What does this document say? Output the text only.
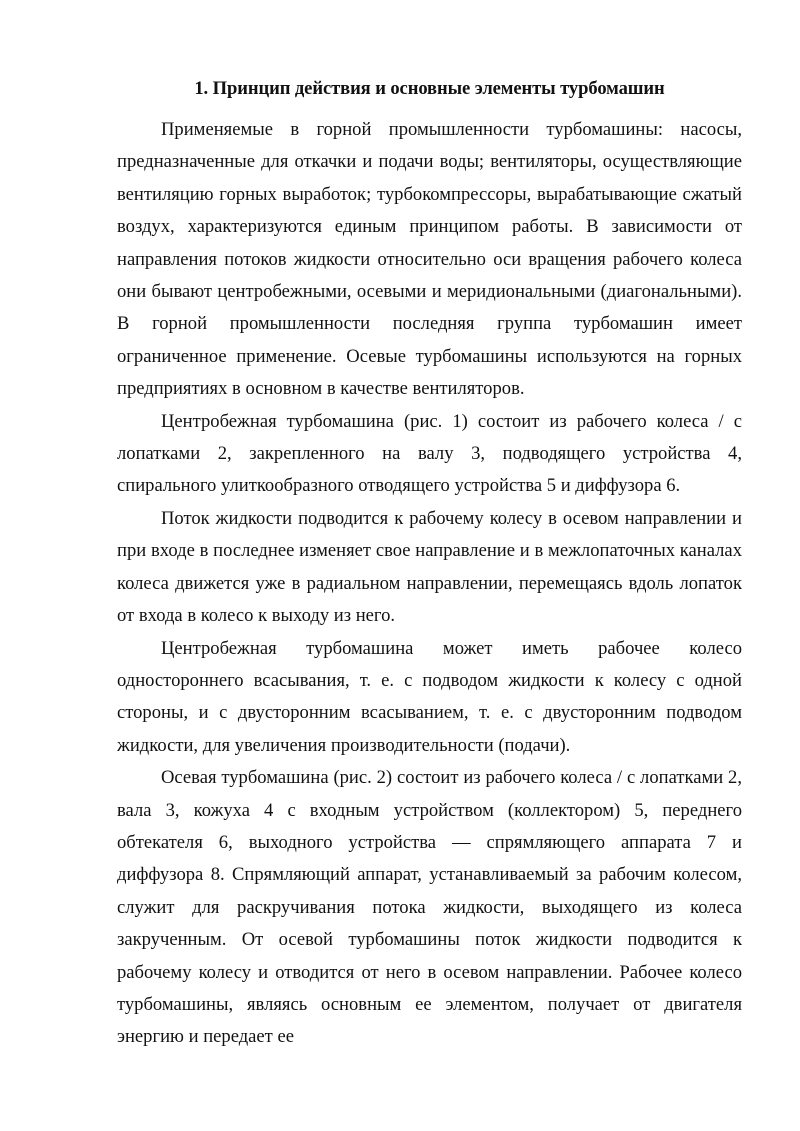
1. Принцип действия и основные элементы турбомашин

Применяемые в горной промышленности турбомашины: насосы, предназначенные для откачки и подачи воды; вентиляторы, осуществляющие вентиляцию горных выработок; турбокомпрессоры, вырабатывающие сжатый воздух, характеризуются единым принципом работы. В зависимости от направления потоков жидкости относительно оси вращения рабочего колеса они бывают центробежными, осевыми и меридиональными (диагональными). В горной промышленности последняя группа турбомашин имеет ограниченное применение. Осевые турбомашины используются на горных предприятиях в основном в качестве вентиляторов.

Центробежная турбомашина (рис. 1) состоит из рабочего колеса / с лопатками 2, закрепленного на валу 3, подводящего устройства 4, спирального улиткообразного отводящего устройства 5 и диффузора 6.

Поток жидкости подводится к рабочему колесу в осевом направлении и при входе в последнее изменяет свое направление и в межлопаточных каналах колеса движется уже в радиальном направлении, перемещаясь вдоль лопаток от входа в колесо к выходу из него.

Центробежная турбомашина может иметь рабочее колесо одностороннего всасывания, т. е. с подводом жидкости к колесу с одной стороны, и с двусторонним всасыванием, т. е. с двусторонним подводом жидкости, для увеличения производительности (подачи).

Осевая турбомашина (рис. 2) состоит из рабочего колеса / с лопатками 2, вала 3, кожуха 4 с входным устройством (коллектором) 5, переднего обтекателя 6, выходного устройства — спрямляющего аппарата 7 и диффузора 8. Спрямляющий аппарат, устанавливаемый за рабочим колесом, служит для раскручивания потока жидкости, выходящего из колеса закрученным. От осевой турбомашины поток жидкости подводится к рабочему колесу и отводится от него в осевом направлении. Рабочее колесо турбомашины, являясь основным ее элементом, получает от двигателя энергию и передает ее
